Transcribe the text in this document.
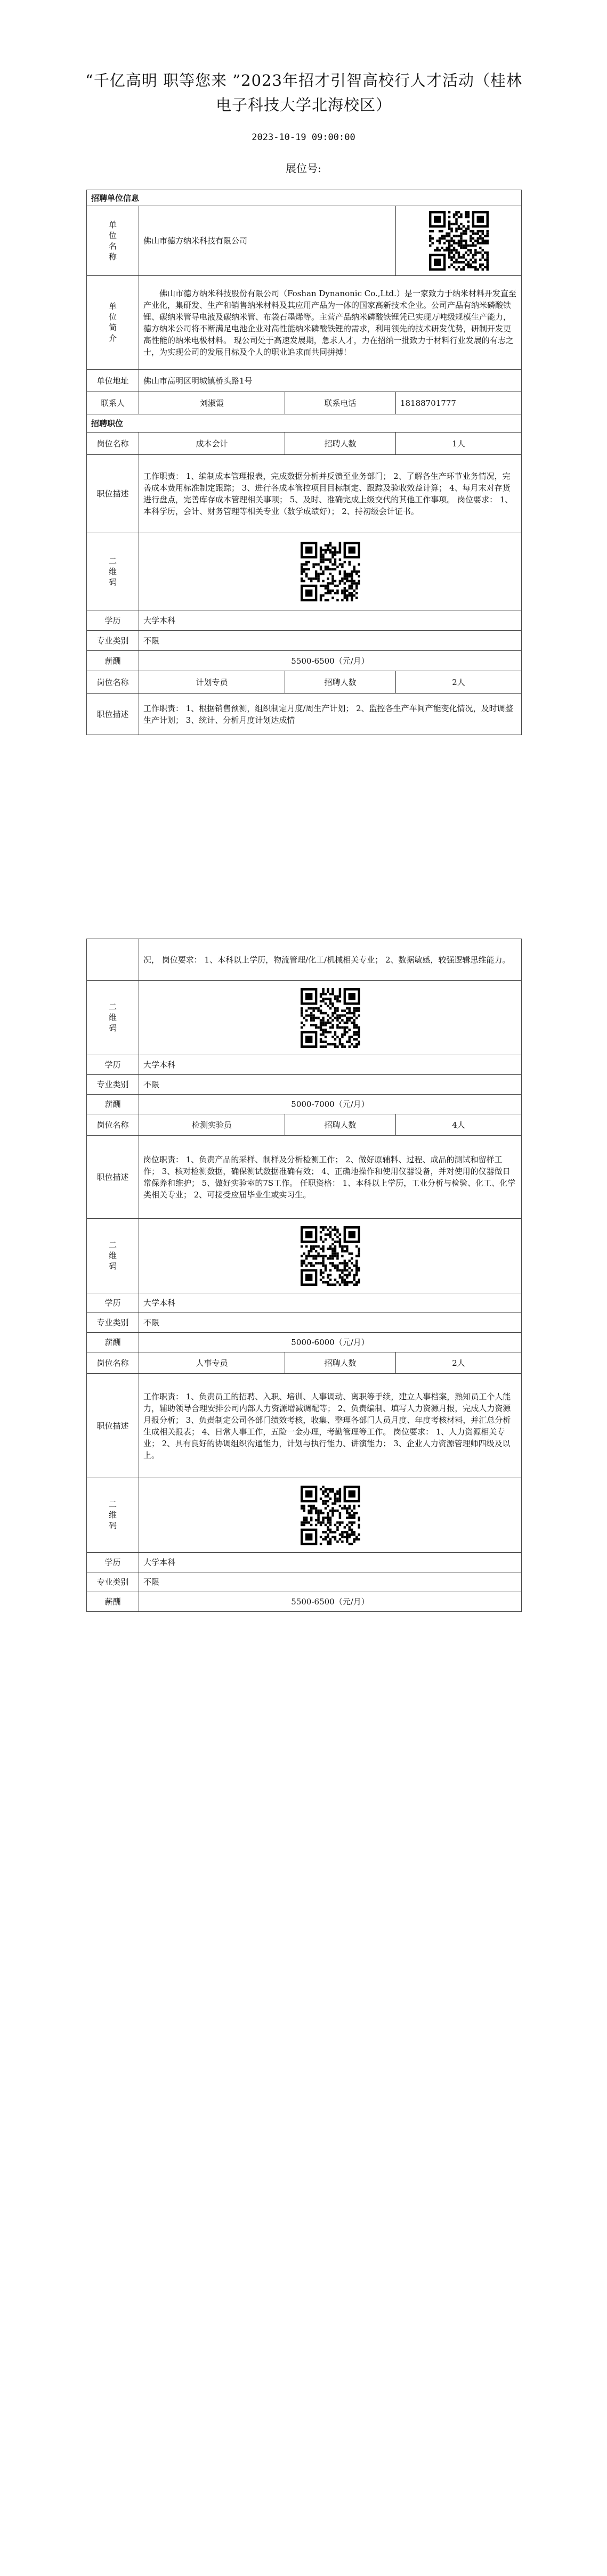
“千亿高明 职等您来 ”2023年招才引智高校行人才活动（桂林电子科技大学北海校区）
2023-10-19 09:00:00
展位号:
招聘单位信息			
单位名称	佛山市德方纳米科技有限公司	

单位简介	佛山市德方纳米科技股份有限公司（Foshan Dynanonic Co.,Ltd.）是一家致力于纳米材料开发直至产业化，集研发、生产和销售纳米材料及其应用产品为一体的国家高新技术企业。公司产品有纳米磷酸铁锂、碳纳米管导电液及碳纳米管、布袋石墨烯等。主营产品纳米磷酸铁锂凭已实现万吨级规模生产能力，德方纳米公司将不断满足电池企业对高性能纳米磷酸铁锂的需求，利用领先的技术研发优势，研制开发更高性能的纳米电极材料。 现公司处于高速发展期，急求人才，力在招纳一批致力于材料行业发展的有志之士，为实现公司的发展目标及个人的职业追求而共同拼搏！		
单位地址	佛山市高明区明城镇桥头路1号		
联系人	刘淑霞	联系电话	18188701777
招聘职位			
岗位名称	成本会计	招聘人数	1人
职位描述	工作职责： 1、编制成本管理报表，完成数据分析并反馈至业务部门； 2、了解各生产环节业务情况，完善成本费用标准制定跟踪； 3、进行各成本管控项目目标制定、跟踪及验收效益计算； 4、每月末对存货进行盘点，完善库存成本管理相关事项； 5、及时、准确完成上级交代的其他工作事项。 岗位要求： 1、本科学历，会计、财务管理等相关专业（数学成绩好）； 2、持初级会计证书。		
二维码	

学历	大学本科		
专业类别	不限		
薪酬	5500-6500（元/月）		
岗位名称	计划专员	招聘人数	2人
职位描述	工作职责： 1、根据销售预测，组织制定月度/周生产计划； 2、监控各生产车间产能变化情况，及时调整生产计划； 3、统计、分析月度计划达成情		
	况， 岗位要求： 1、本科以上学历，物流管理/化工/机械相关专业； 2、数据敏感，较强逻辑思维能力。		
二维码	

学历	大学本科		
专业类别	不限		
薪酬	5000-7000（元/月）		
岗位名称	检测实验员	招聘人数	4人
职位描述	岗位职责： 1、负责产品的采样、制样及分析检测工作； 2、做好原辅料、过程、成品的测试和留样工作； 3、核对检测数据，确保测试数据准确有效； 4、正确地操作和使用仪器设备，并对使用的仪器做日常保养和维护； 5、做好实验室的7S工作。 任职资格： 1、本科以上学历，工业分析与检验、化工、化学类相关专业； 2、可接受应届毕业生或实习生。		
二维码	

学历	大学本科		
专业类别	不限		
薪酬	5000-6000（元/月）		
岗位名称	人事专员	招聘人数	2人
职位描述	工作职责： 1、负责员工的招聘、入职、培训、人事调动、离职等手续，建立人事档案，熟知员工个人能力，辅助领导合理安排公司内部人力资源增减调配等； 2、负责编制、填写人力资源月报，完成人力资源月报分析； 3、负责制定公司各部门绩效考核，收集、整理各部门人员月度、年度考核材料，并汇总分析生成相关报表； 4、日常人事工作，五险一金办理，考勤管理等工作。 岗位要求： 1、人力资源相关专业； 2、具有良好的协调组织沟通能力，计划与执行能力、讲演能力； 3、企业人力资源管理师四级及以上。		
二维码	

学历	大学本科		
专业类别	不限		
薪酬	5500-6500（元/月）		
